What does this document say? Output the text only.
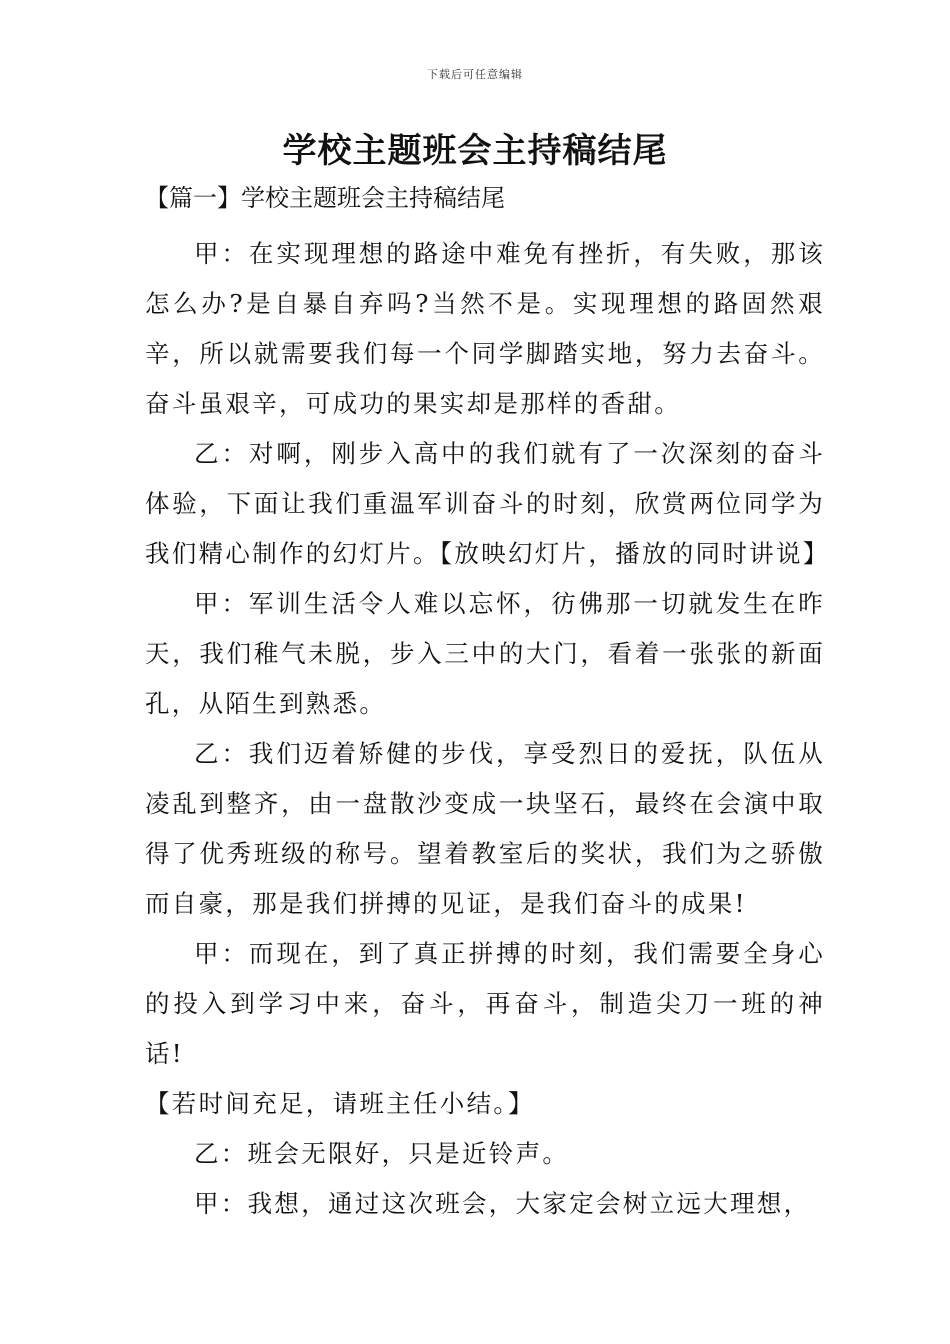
下载后可任意编辑
学校主题班会主持稿结尾
【篇一】学校主题班会主持稿结尾

甲：在实现理想的路途中难免有挫折，有失败，那该怎么办?是自暴自弃吗?当然不是。实现理想的路固然艰辛，所以就需要我们每一个同学脚踏实地，努力去奋斗。奋斗虽艰辛，可成功的果实却是那样的香甜。

乙：对啊，刚步入高中的我们就有了一次深刻的奋斗体验，下面让我们重温军训奋斗的时刻，欣赏两位同学为我们精心制作的幻灯片。【放映幻灯片，播放的同时讲说】

甲：军训生活令人难以忘怀，彷佛那一切就发生在昨天，我们稚气未脱，步入三中的大门，看着一张张的新面孔，从陌生到熟悉。

乙：我们迈着矫健的步伐，享受烈日的爱抚，队伍从凌乱到整齐，由一盘散沙变成一块坚石，最终在会演中取得了优秀班级的称号。望着教室后的奖状，我们为之骄傲而自豪，那是我们拼搏的见证，是我们奋斗的成果!

甲：而现在，到了真正拼搏的时刻，我们需要全身心的投入到学习中来，奋斗，再奋斗，制造尖刀一班的神话!

【若时间充足，请班主任小结。】

乙：班会无限好，只是近铃声。

甲：我想，通过这次班会，大家定会树立远大理想，
